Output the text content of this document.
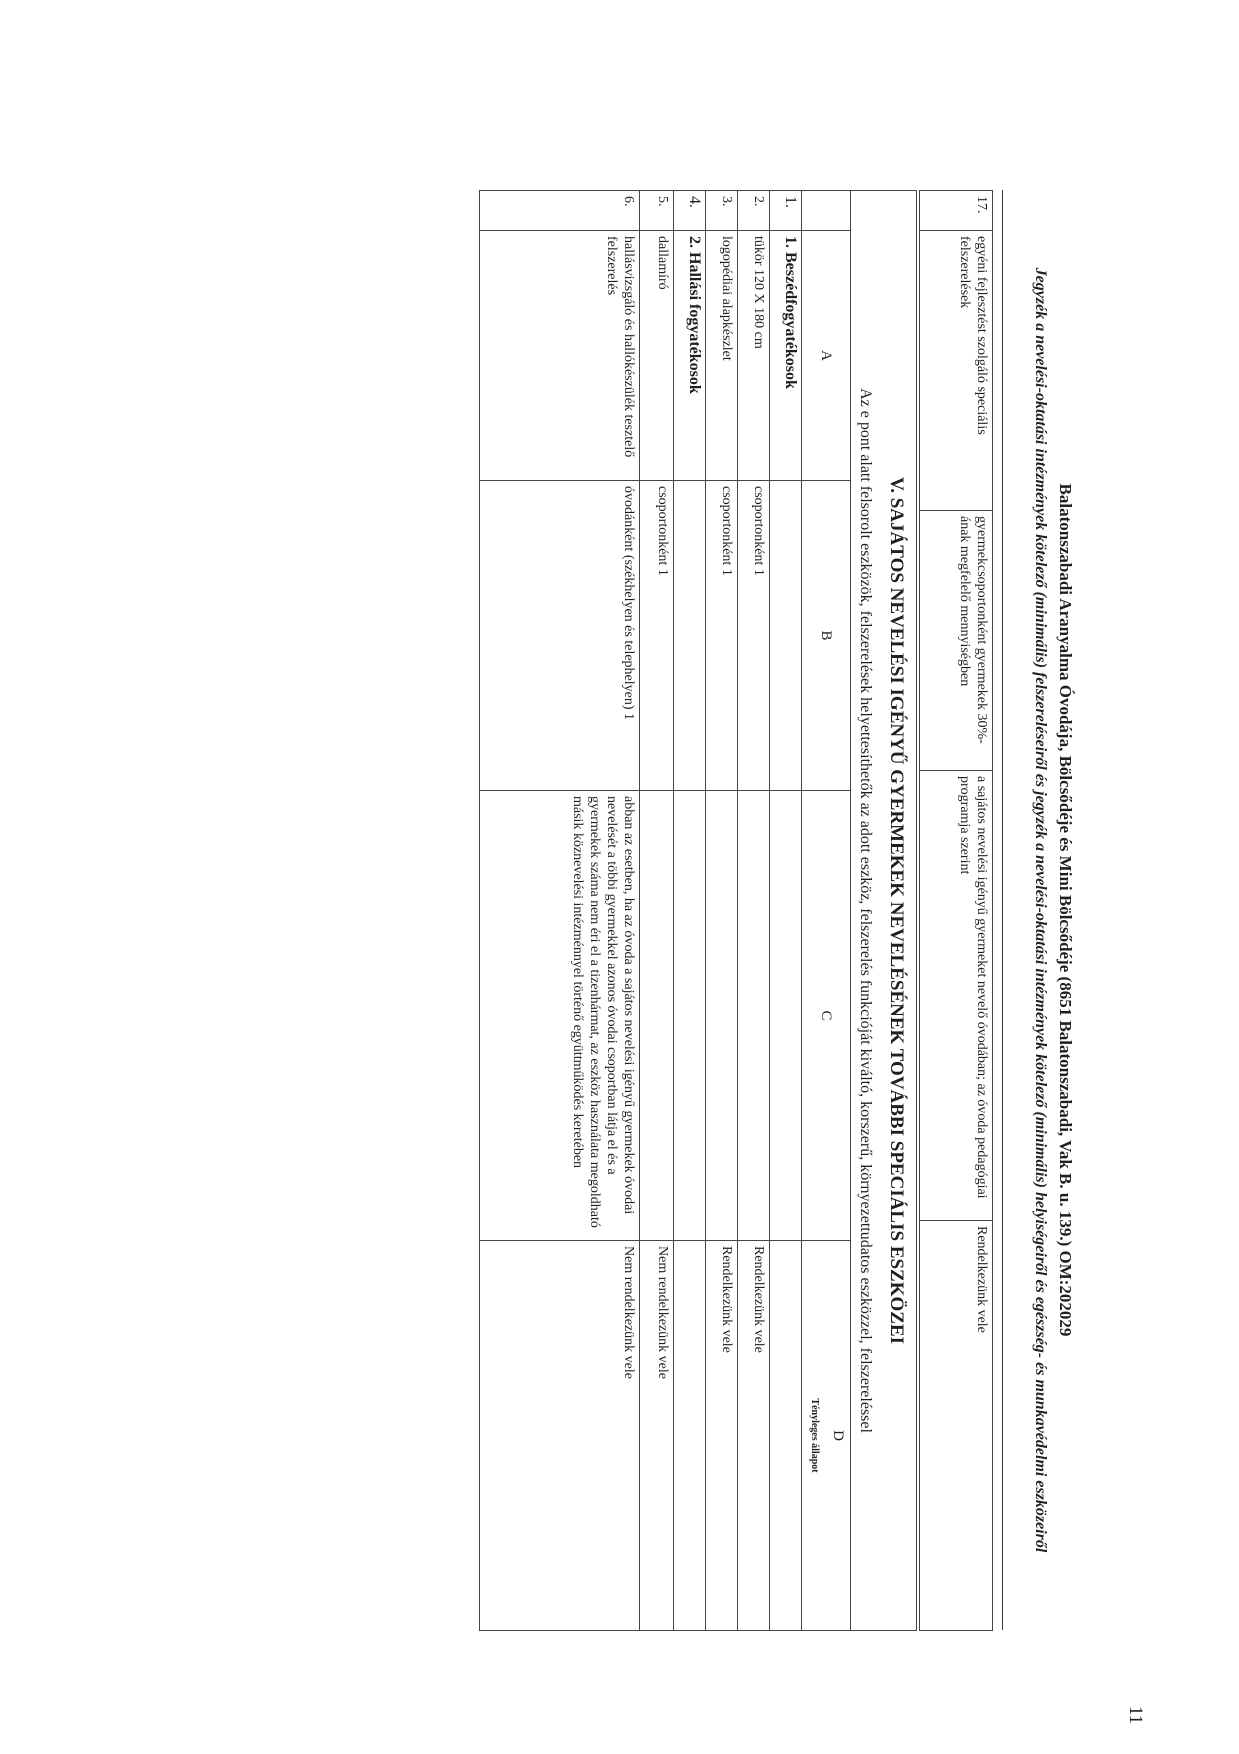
Balatonszabadi Aranyalma Óvodája, Bölcsődéje és Mini Bölcsődéje (8651 Balatonszabadi, Vak B. u. 139.) OM:202029
Jegyzék a nevelési-oktatási intézmények kötelező (minimális) felszereléseiről és jegyzék a nevelési-oktatási intézmények kötelező (minimális) helyiségeiről és egészség- és munkavédelmi eszközeiről
17.	egyéni fejlesztést szolgáló speciális felszerelések	gyermekcsoportonként gyermekek 30%-ának megfelelő mennyiségben	a sajátos nevelési igényű gyermeket nevelő óvodában; az óvoda pedagógiai programja szerint	Rendelkezünk vele
V. SAJÁTOS NEVELÉSI IGÉNYŰ GYERMEKEK NEVELÉSÉNEK TOVÁBBI SPECIÁLIS ESZKÖZEI				
Az e pont alatt felsorolt eszközök, felszerelések helyettesíthetők az adott eszköz, felszerelés funkcióját kiváltó, korszerű, környezettudatos eszközzel, felszereléssel				
	A	B	C	D
Tényleges állapot

1.	1. Beszédfogyatékosok			
2.	tükör 120 X 180 cm	csoportonként 1		Rendelkezünk vele
3.	logopédiai alapkészlet	csoportonként 1		Rendelkezünk vele
4.	2. Hallási fogyatékosok			
5.	dallamíró	csoportonként 1		Nem rendelkezünk vele
6.	hallásvizsgáló és hallókészülék tesztelő felszerelés	óvodánként (székhelyen és telephelyen) 1	abban az esetben, ha az óvoda a sajátos nevelési igényű gyermekek óvodai nevelését a többi gyermekkel azonos óvodai csoportban látja el és a gyermekek száma nem éri el a tizenhármat, az eszköz használata megoldható másik köznevelési intézménnyel történő együttműködés keretében	Nem rendelkezünk vele
11
